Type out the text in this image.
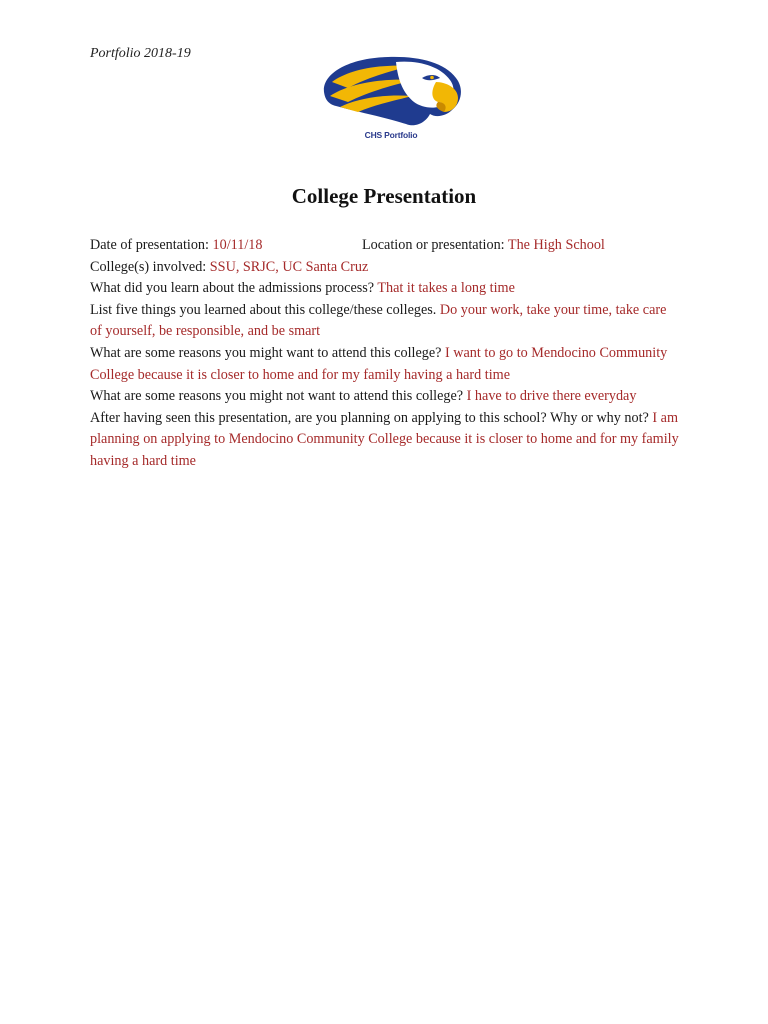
Portfolio 2018-19
CHS Portfolio
College Presentation
Date of presentation: 10/11/18	Location or presentation: The High School
College(s) involved: SSU, SRJC, UC Santa Cruz
What did you learn about the admissions process? That it takes a long time
List five things you learned about this college/these colleges. Do your work, take your time, take care of yourself, be responsible, and be smart
What are some reasons you might want to attend this college? I want to go to Mendocino Community College because it is closer to home and for my family having a hard time
What are some reasons you might not want to attend this college? I have to drive there everyday
After having seen this presentation, are you planning on applying to this school? Why or why not? I am planning on applying to Mendocino Community College because it is closer to home and for my family having a hard time
